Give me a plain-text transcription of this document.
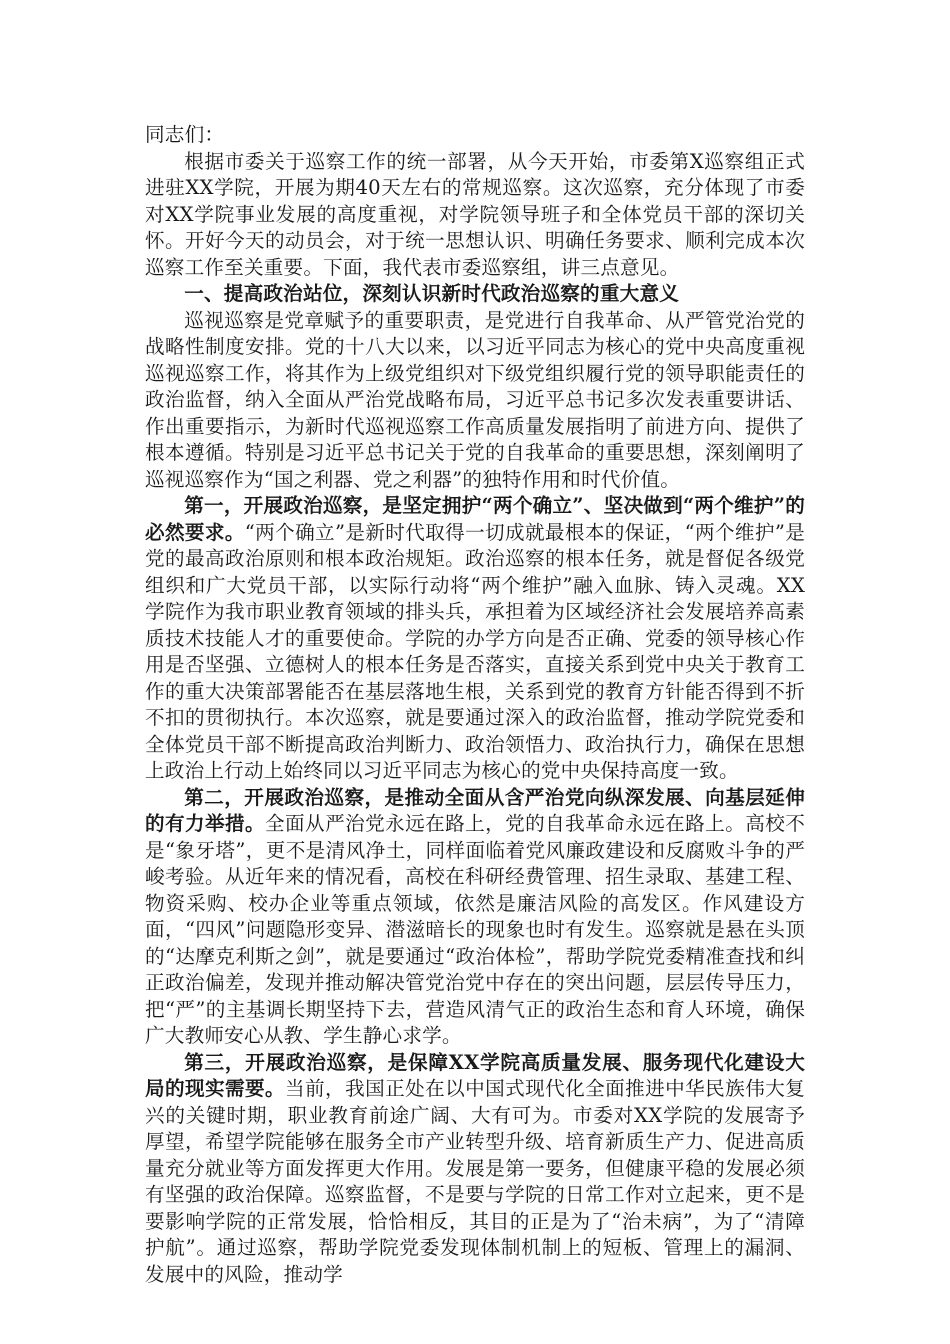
同志们：

根据市委关于巡察工作的统一部署，从今天开始，市委第Ⅹ巡察组正式进驻XX学院，开展为期40天左右的常规巡察。这次巡察，充分体现了市委对XX学院事业发展的高度重视，对学院领导班子和全体党员干部的深切关怀。开好今天的动员会，对于统一思想认识、明确任务要求、顺利完成本次巡察工作至关重要。下面，我代表市委巡察组，讲三点意见。

一、提高政治站位，深刻认识新时代政治巡察的重大意义

巡视巡察是党章赋予的重要职责，是党进行自我革命、从严管党治党的战略性制度安排。党的十八大以来，以习近平同志为核心的党中央高度重视巡视巡察工作，将其作为上级党组织对下级党组织履行党的领导职能责任的政治监督，纳入全面从严治党战略布局，习近平总书记多次发表重要讲话、作出重要指示，为新时代巡视巡察工作高质量发展指明了前进方向、提供了根本遵循。特别是习近平总书记关于党的自我革命的重要思想，深刻阐明了巡视巡察作为“国之利器、党之利器”的独特作用和时代价值。

第一，开展政治巡察，是坚定拥护“两个确立”、坚决做到“两个维护”的必然要求。“两个确立”是新时代取得一切成就最根本的保证，“两个维护”是党的最高政治原则和根本政治规矩。政治巡察的根本任务，就是督促各级党组织和广大党员干部，以实际行动将“两个维护”融入血脉、铸入灵魂。XX学院作为我市职业教育领域的排头兵，承担着为区域经济社会发展培养高素质技术技能人才的重要使命。学院的办学方向是否正确、党委的领导核心作用是否坚强、立德树人的根本任务是否落实，直接关系到党中央关于教育工作的重大决策部署能否在基层落地生根，关系到党的教育方针能否得到不折不扣的贯彻执行。本次巡察，就是要通过深入的政治监督，推动学院党委和全体党员干部不断提高政治判断力、政治领悟力、政治执行力，确保在思想上政治上行动上始终同以习近平同志为核心的党中央保持高度一致。

第二，开展政治巡察，是推动全面从含严治党向纵深发展、向基层延伸的有力举措。全面从严治党永远在路上，党的自我革命永远在路上。高校不是“象牙塔”，更不是清风净土，同样面临着党风廉政建设和反腐败斗争的严峻考验。从近年来的情况看，高校在科研经费管理、招生录取、基建工程、物资采购、校办企业等重点领域，依然是廉洁风险的高发区。作风建设方面，“四风”问题隐形变异、潜滋暗长的现象也时有发生。巡察就是悬在头顶的“达摩克利斯之剑”，就是要通过“政治体检”，帮助学院党委精准查找和纠正政治偏差，发现并推动解决管党治党中存在的突出问题，层层传导压力，把“严”的主基调长期坚持下去，营造风清气正的政治生态和育人环境，确保广大教师安心从教、学生静心求学。

第三，开展政治巡察，是保障XX学院高质量发展、服务现代化建设大局的现实需要。当前，我国正处在以中国式现代化全面推进中华民族伟大复兴的关键时期，职业教育前途广阔、大有可为。市委对XX学院的发展寄予厚望，希望学院能够在服务全市产业转型升级、培育新质生产力、促进高质量充分就业等方面发挥更大作用。发展是第一要务，但健康平稳的发展必须有坚强的政治保障。巡察监督，不是要与学院的日常工作对立起来，更不是要影响学院的正常发展，恰恰相反，其目的正是为了“治未病”，为了“清障护航”。通过巡察，帮助学院党委发现体制机制上的短板、管理上的漏洞、发展中的风险，推动学
